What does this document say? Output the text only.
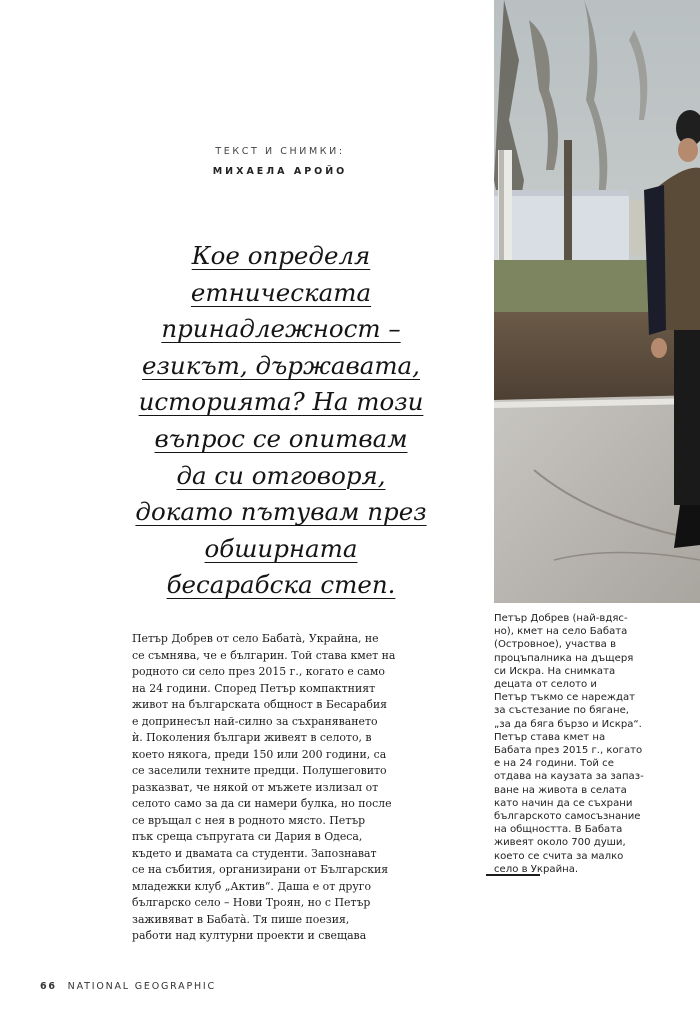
ТЕКСТ И СНИМКИ:
МИХАЕЛА АРОЙО
Кое определя
етническата
принадлежност –
езикът, държавата,
историята? На този
въпрос се опитвам
да си отговоря,
докато пътувам през
обширната
бесарабска степ.
Петър Добрев от село Бабата̀, Украйна, не
се съмнява, че е българин. Той става кмет на
родното си село през 2015 г., когато е само
на 24 години. Според Петър компактният
живот на българската общност в Бесарабия
е допринесъл най-силно за съхраняването
ѝ. Поколения българи живеят в селото, в
което някога, преди 150 или 200 години, са
се заселили техните предци. Полушеговито
разказват, че някой от мъжете излизал от
селото само за да си намери булка, но после
се връщал с нея в родното място. Петър
пък среща съпругата си Дария в Одеса,
където и двамата са студенти. Запознават
се на събития, организирани от Българския
младежки клуб „Актив“. Даша е от друго
българско село – Нови Троян, но с Петър
заживяват в Бабата̀. Тя пише поезия,
работи над културни проекти и свещава
66 NATIONAL GEOGRAPHIC
Петър Добрев (най-вдяс-
но), кмет на село Бабата
(Островное), участва в
процъпалника на дъщеря
си Искра. На снимката
децата от селото и
Петър тъкмо се нареждат
за състезание по бягане,
„за да бяга бързо и Искра“.
Петър става кмет на
Бабата през 2015 г., когато
е на 24 години. Той се
отдава на каузата за запаз-
ване на живота в селата
като начин да се съхрани
българското самосъзнание
на общността. В Бабата
живеят около 700 души,
което се счита за малко
село в Украйна.
